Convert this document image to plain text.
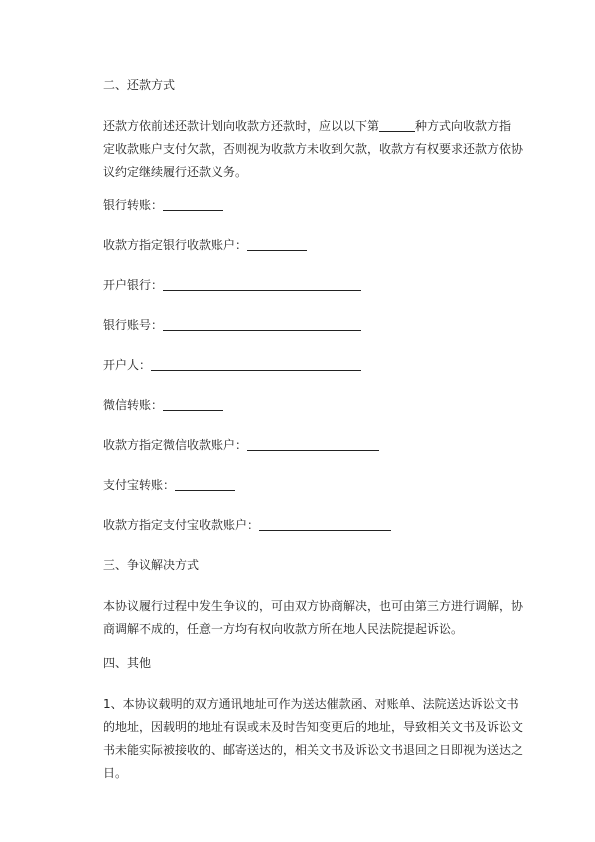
二、还款方式
还款方依前述还款计划向收款方还款时，应以以下第	种方式向收款方指定收款账户支付欠款，否则视为收款方未收到欠款，收款方有权要求还款方依协议约定继续履行还款义务。
银行转账：
收款方指定银行收款账户：
开户银行：
银行账号：
开户人：
微信转账：
收款方指定微信收款账户：
支付宝转账：
收款方指定支付宝收款账户：
三、争议解决方式
本协议履行过程中发生争议的，可由双方协商解决，也可由第三方进行调解，协商调解不成的，任意一方均有权向收款方所在地人民法院提起诉讼。
四、其他
1、本协议载明的双方通讯地址可作为送达催款函、对账单、法院送达诉讼文书的地址，因载明的地址有误或未及时告知变更后的地址，导致相关文书及诉讼文书未能实际被接收的、邮寄送达的，相关文书及诉讼文书退回之日即视为送达之日。
